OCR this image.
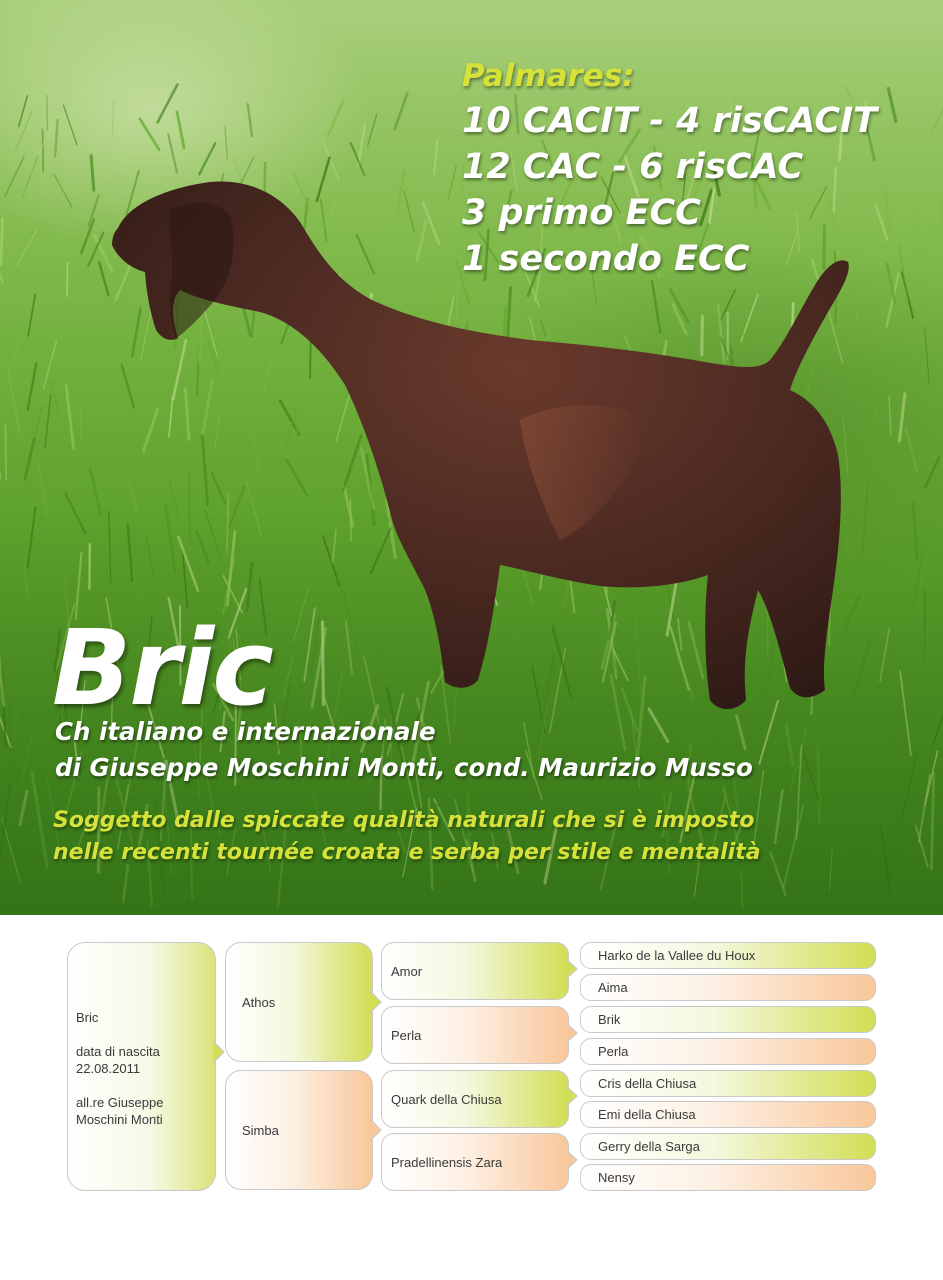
Palmares:
10 CACIT - 4 risCACIT
12 CAC - 6 risCAC
3 primo ECC
1 secondo ECC
Bric
Ch italiano e internazionale
di Giuseppe Moschini Monti, cond. Maurizio Musso
Soggetto dalle spiccate qualità naturali che si è imposto
nelle recenti tournée croata e serba per stile e mentalità
Bric
data di nascita
22.08.2011
all.re Giuseppe
Moschini Monti
Athos
Simba
Amor
Perla
Quark della Chiusa
Pradellinensis Zara
Harko de la Vallee du Houx
Aima
Brik
Perla
Cris della Chiusa
Emi della Chiusa
Gerry della Sarga
Nensy
